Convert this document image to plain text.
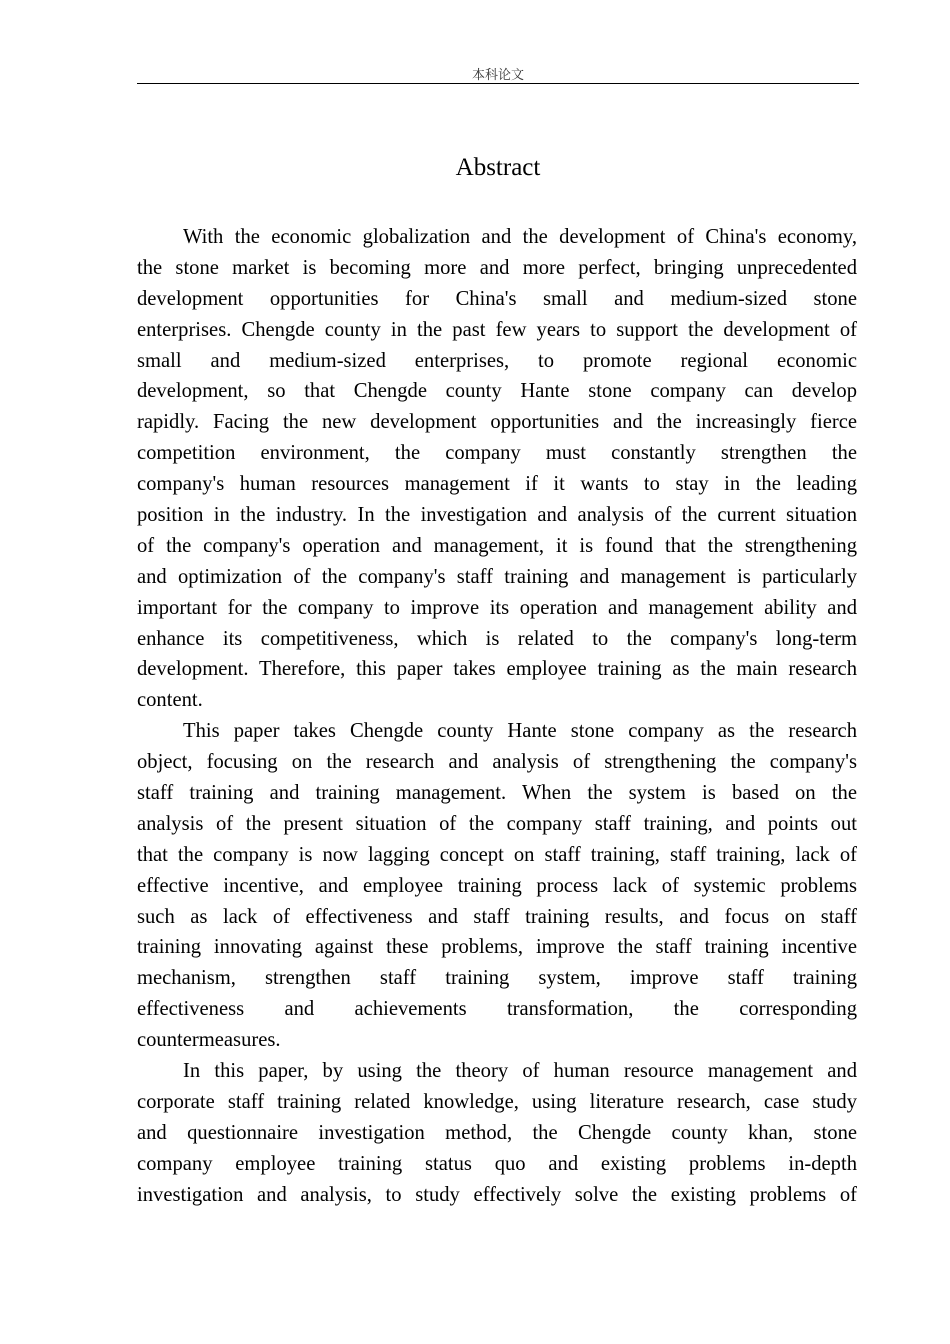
本科论文
Abstract
With the economic globalization and the development of China's economy,
the stone market is becoming more and more perfect, bringing unprecedented
development opportunities for China's small and medium-sized stone
enterprises. Chengde county in the past few years to support the development of
small and medium-sized enterprises, to promote regional economic
development, so that Chengde county Hante stone company can develop
rapidly. Facing the new development opportunities and the increasingly fierce
competition environment, the company must constantly strengthen the
company's human resources management if it wants to stay in the leading
position in the industry. In the investigation and analysis of the current situation
of the company's operation and management, it is found that the strengthening
and optimization of the company's staff training and management is particularly
important for the company to improve its operation and management ability and
enhance its competitiveness, which is related to the company's long-term
development. Therefore, this paper takes employee training as the main research
content.
This paper takes Chengde county Hante stone company as the research
object, focusing on the research and analysis of strengthening the company's
staff training and training management. When the system is based on the
analysis of the present situation of the company staff training, and points out
that the company is now lagging concept on staff training, staff training, lack of
effective incentive, and employee training process lack of systemic problems
such as lack of effectiveness and staff training results, and focus on staff
training innovating against these problems, improve the staff training incentive
mechanism, strengthen staff training system, improve staff training
effectiveness and achievements transformation, the corresponding
countermeasures.
In this paper, by using the theory of human resource management and
corporate staff training related knowledge, using literature research, case study
and questionnaire investigation method, the Chengde county khan, stone
company employee training status quo and existing problems in-depth
investigation and analysis, to study effectively solve the existing problems of
